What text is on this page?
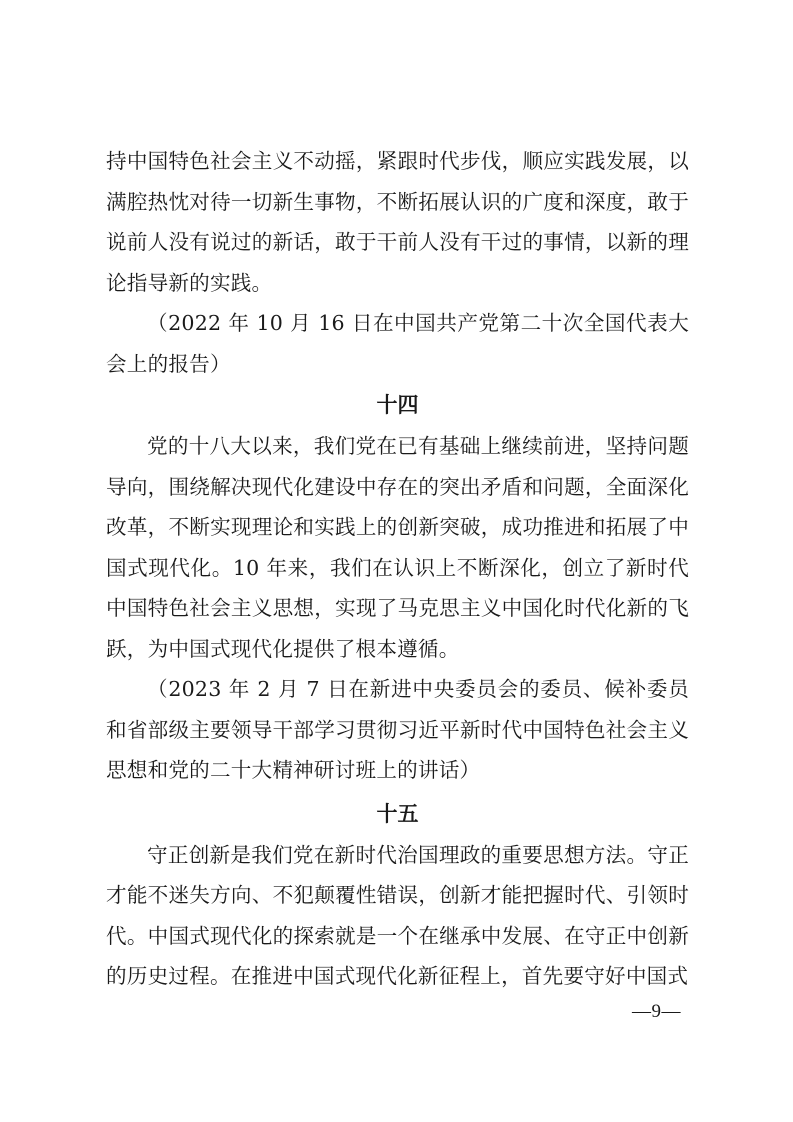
持中国特色社会主义不动摇，紧跟时代步伐，顺应实践发展，以满腔热忱对待一切新生事物，不断拓展认识的广度和深度，敢于说前人没有说过的新话，敢于干前人没有干过的事情，以新的理论指导新的实践。

（2022 年 10 月 16 日在中国共产党第二十次全国代表大会上的报告）

十四

党的十八大以来，我们党在已有基础上继续前进，坚持问题导向，围绕解决现代化建设中存在的突出矛盾和问题，全面深化改革，不断实现理论和实践上的创新突破，成功推进和拓展了中国式现代化。10 年来，我们在认识上不断深化，创立了新时代中国特色社会主义思想，实现了马克思主义中国化时代化新的飞跃，为中国式现代化提供了根本遵循。

（2023 年 2 月 7 日在新进中央委员会的委员、候补委员和省部级主要领导干部学习贯彻习近平新时代中国特色社会主义思想和党的二十大精神研讨班上的讲话）

十五

守正创新是我们党在新时代治国理政的重要思想方法。守正才能不迷失方向、不犯颠覆性错误，创新才能把握时代、引领时代。中国式现代化的探索就是一个在继承中发展、在守正中创新的历史过程。在推进中国式现代化新征程上，首先要守好中国式

—9—
